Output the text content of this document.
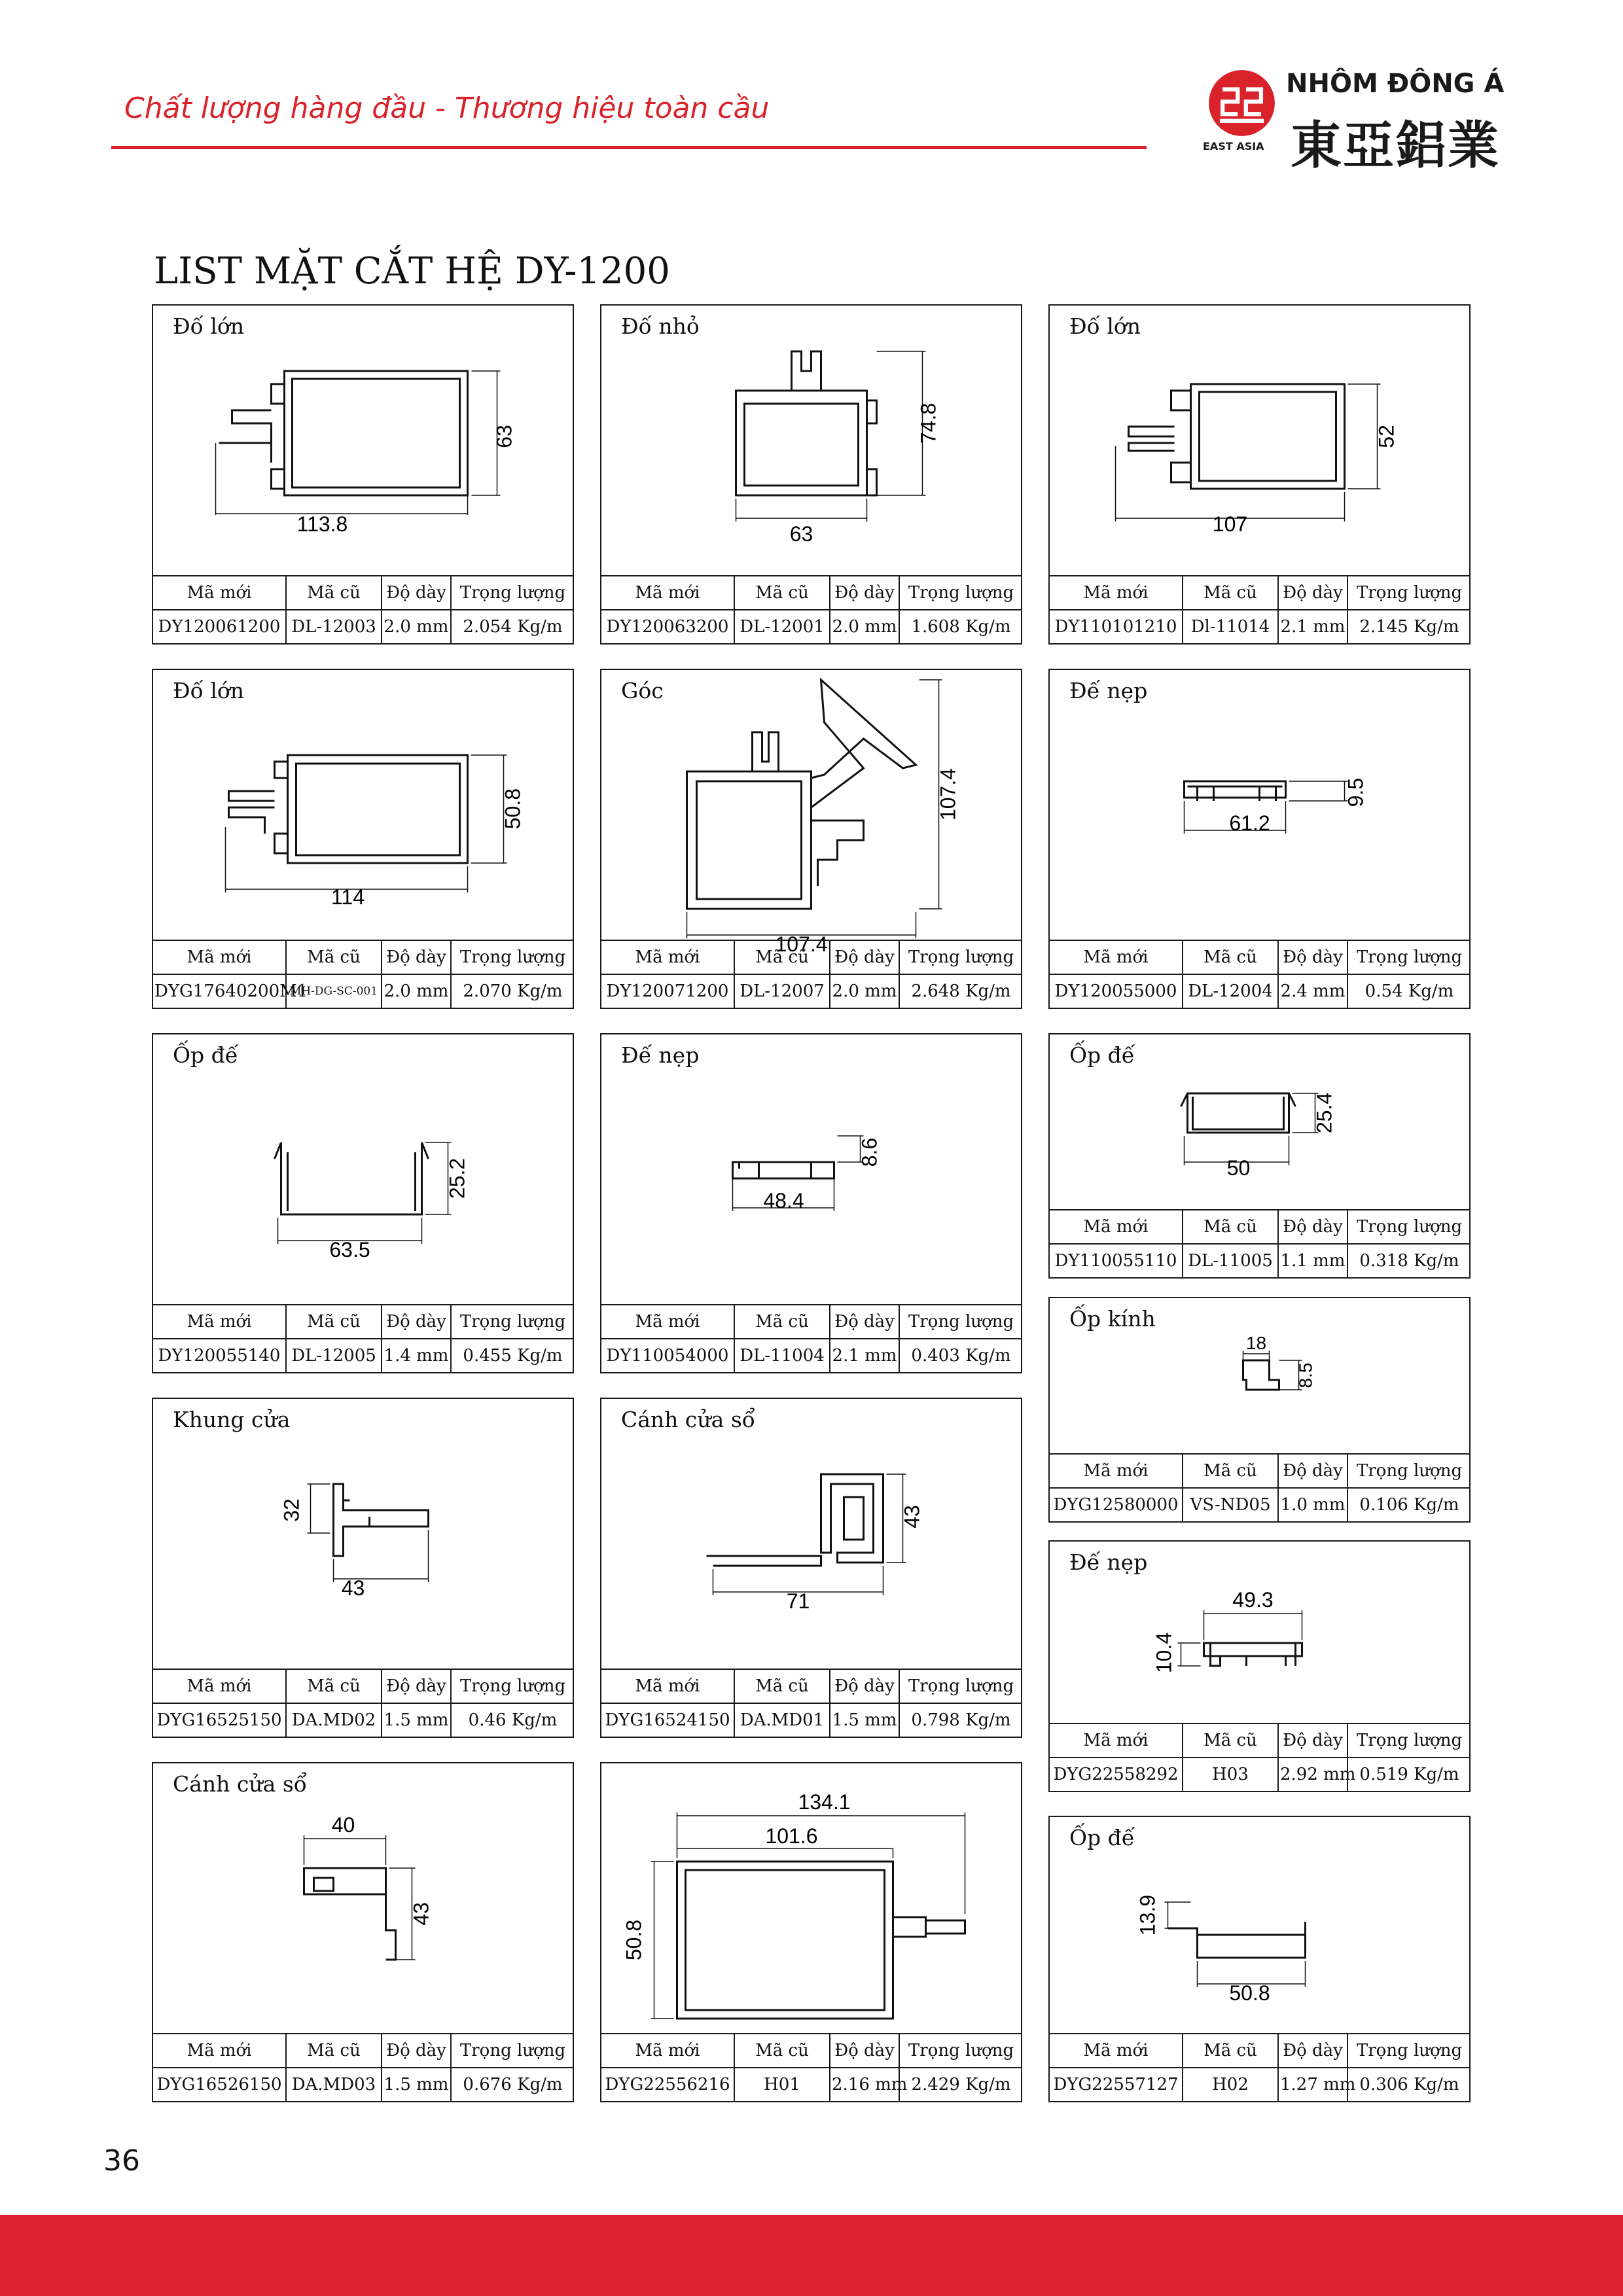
Chất lượng hàng đầu - Thương hiệu toàn cầu
EAST ASIA
NHÔM ĐÔNG Á
東亞鋁業
LIST MẶT CẮT HỆ DY-1200
113.8
63
Đố lớn
Mã mới	Mã cũ	Độ dày	Trọng lượng
DY120061200	DL-12003	2.0 mm	2.054 Kg/m
63
74.8
Đố nhỏ
Mã mới	Mã cũ	Độ dày	Trọng lượng
DY120063200	DL-12001	2.0 mm	1.608 Kg/m
107
52
Đố lớn
Mã mới	Mã cũ	Độ dày	Trọng lượng
DY110101210	Dl-11014	2.1 mm	2.145 Kg/m
114
50.8
Đố lớn
Mã mới	Mã cũ	Độ dày	Trọng lượng
DYG17640200M1	MH-DG-SC-001	2.0 mm	2.070 Kg/m
107.4
107.4
Góc
Mã mới	Mã cũ	Độ dày	Trọng lượng
DY120071200	DL-12007	2.0 mm	2.648 Kg/m
61.2
9.5
Đế nẹp
Mã mới	Mã cũ	Độ dày	Trọng lượng
DY120055000	DL-12004	2.4 mm	0.54 Kg/m
63.5
25.2
Ốp đế
Mã mới	Mã cũ	Độ dày	Trọng lượng
DY120055140	DL-12005	1.4 mm	0.455 Kg/m
48.4
8.6
Đế nẹp
Mã mới	Mã cũ	Độ dày	Trọng lượng
DY110054000	DL-11004	2.1 mm	0.403 Kg/m
50
25.4
Ốp đế
Mã mới	Mã cũ	Độ dày	Trọng lượng
DY110055110	DL-11005	1.1 mm	0.318 Kg/m
18
8.5
Ốp kính
Mã mới	Mã cũ	Độ dày	Trọng lượng
DYG12580000	VS-ND05	1.0 mm	0.106 Kg/m
43
32
Khung cửa
Mã mới	Mã cũ	Độ dày	Trọng lượng
DYG16525150	DA.MD02	1.5 mm	0.46 Kg/m
71
43
Cánh cửa sổ
Mã mới	Mã cũ	Độ dày	Trọng lượng
DYG16524150	DA.MD01	1.5 mm	0.798 Kg/m
49.3
10.4
Đế nẹp
Mã mới	Mã cũ	Độ dày	Trọng lượng
DYG22558292	H03	2.92 mm	0.519 Kg/m
40
43
Cánh cửa sổ
Mã mới	Mã cũ	Độ dày	Trọng lượng
DYG16526150	DA.MD03	1.5 mm	0.676 Kg/m
134.1
101.6
50.8
Mã mới	Mã cũ	Độ dày	Trọng lượng
DYG22556216	H01	2.16 mm	2.429 Kg/m
13.9
50.8
Ốp đế
Mã mới	Mã cũ	Độ dày	Trọng lượng
DYG22557127	H02	1.27 mm	0.306 Kg/m
36
